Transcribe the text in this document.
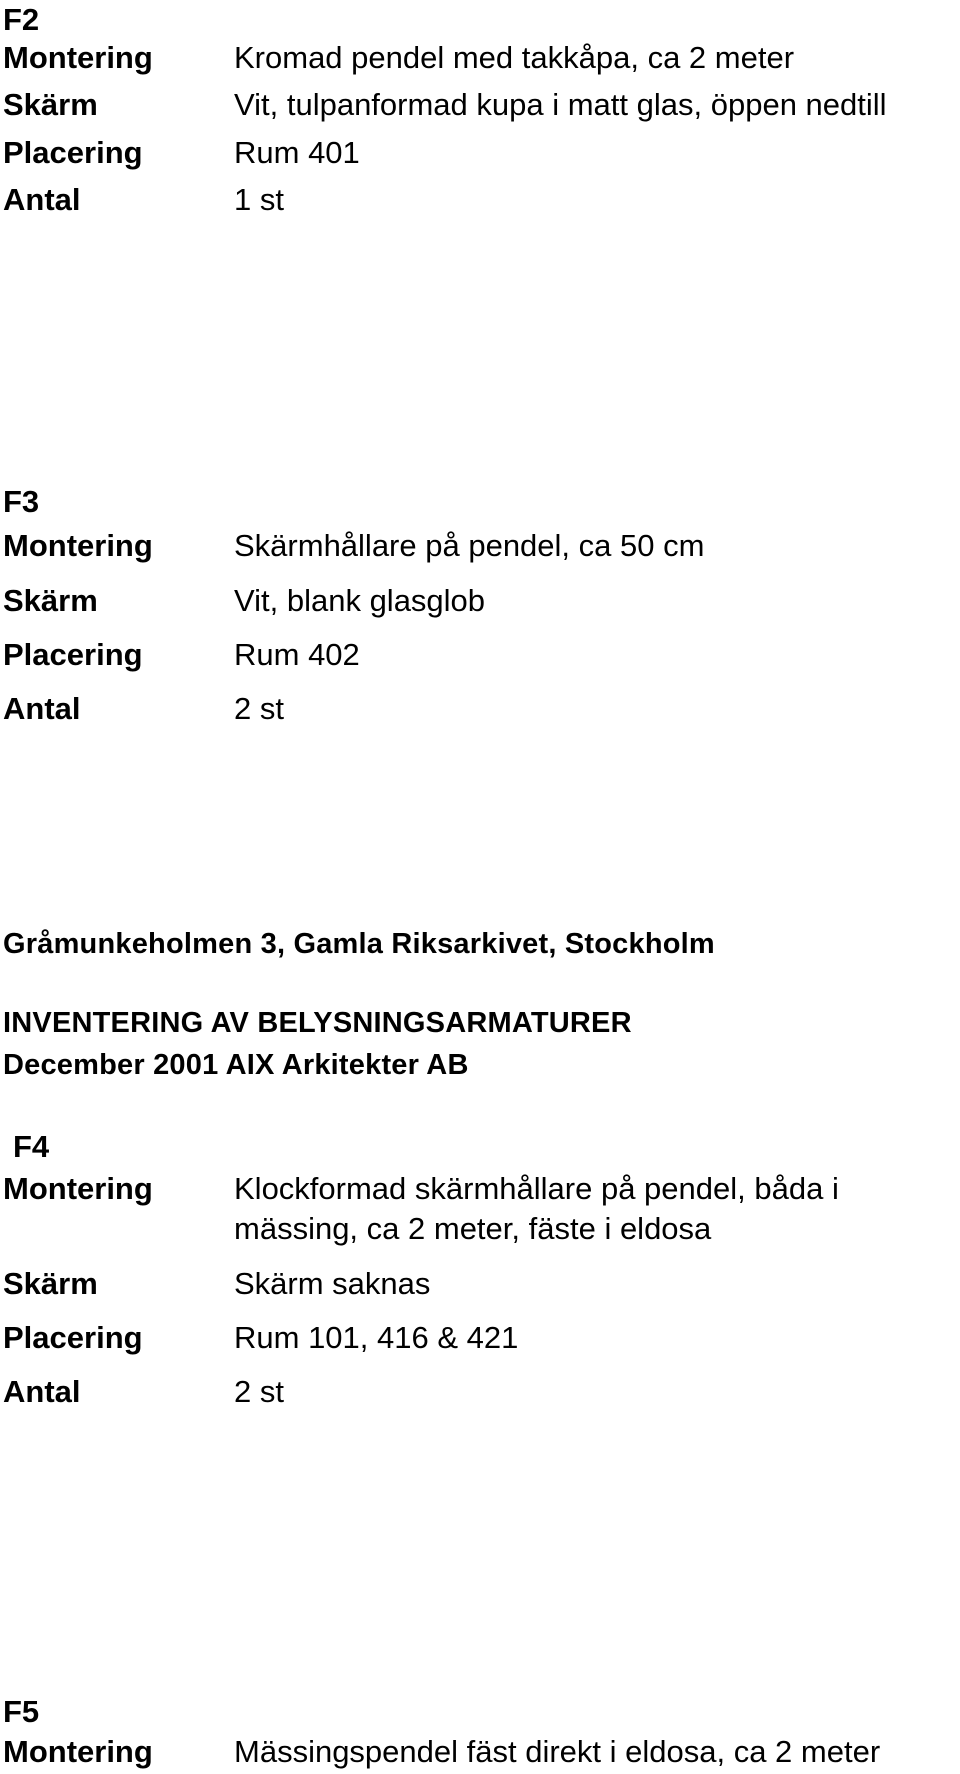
F2
Montering	Kromad pendel med takkåpa, ca 2 meter
Skärm	Vit, tulpanformad kupa i matt glas, öppen nedtill
Placering	Rum 401
Antal	1 st
F3
Montering	Skärmhållare på pendel, ca 50 cm
Skärm	Vit, blank glasglob
Placering	Rum 402
Antal	2 st
Gråmunkeholmen 3, Gamla Riksarkivet, Stockholm
INVENTERING AV BELYSNINGSARMATURER
December 2001 AIX Arkitekter AB
F4
Montering	Klockformad skärmhållare på pendel, båda i
mässing, ca 2 meter, fäste i eldosa
Skärm	Skärm saknas
Placering	Rum 101, 416 & 421
Antal	2 st
F5
Montering	Mässingspendel fäst direkt i eldosa, ca 2 meter
